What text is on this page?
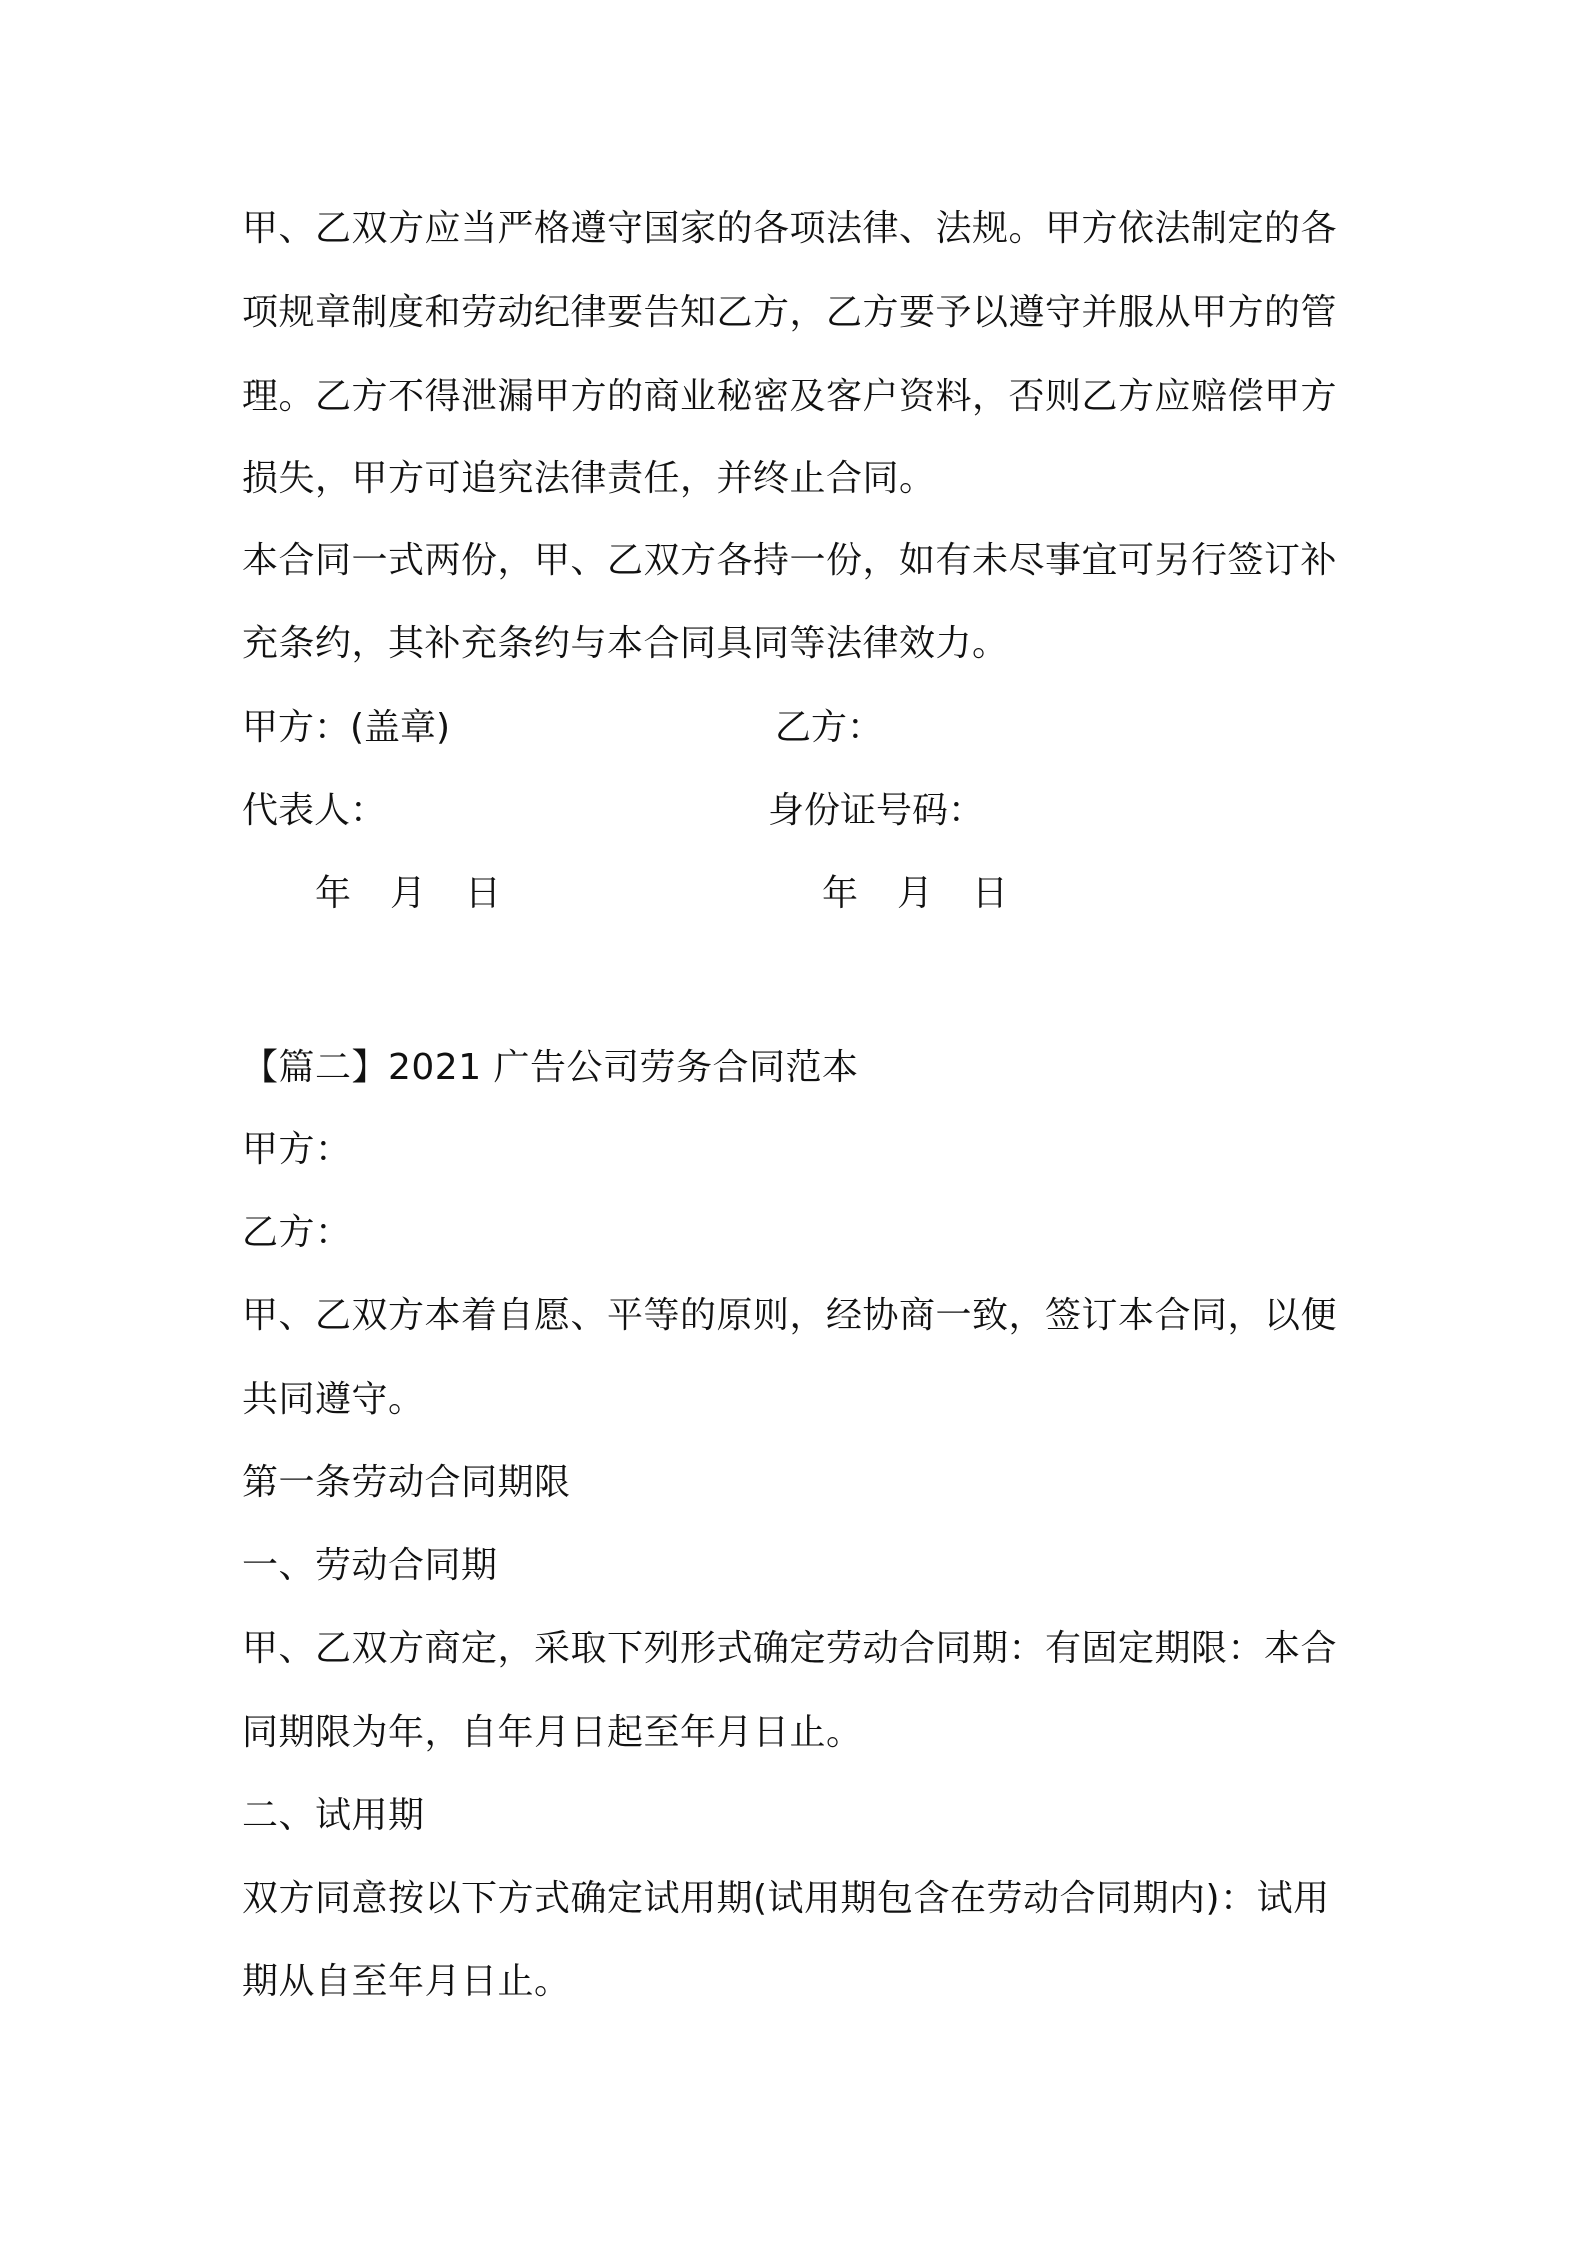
甲、乙双方应当严格遵守国家的各项法律、法规。甲方依法制定的各
项规章制度和劳动纪律要告知乙方，乙方要予以遵守并服从甲方的管
理。乙方不得泄漏甲方的商业秘密及客户资料，否则乙方应赔偿甲方
损失，甲方可追究法律责任，并终止合同。
本合同一式两份，甲、乙双方各持一份，如有未尽事宜可另行签订补
充条约，其补充条约与本合同具同等法律效力。
甲方：(盖章)	乙方：
代表人：	身份证号码：
年 月 日	年 月 日
【篇二】2021 广告公司劳务合同范本
甲方：
乙方：
甲、乙双方本着自愿、平等的原则，经协商一致，签订本合同，以便
共同遵守。
第一条劳动合同期限
一、劳动合同期
甲、乙双方商定，采取下列形式确定劳动合同期：有固定期限：本合
同期限为年，自年月日起至年月日止。
二、试用期
双方同意按以下方式确定试用期(试用期包含在劳动合同期内)：试用
期从自至年月日止。
